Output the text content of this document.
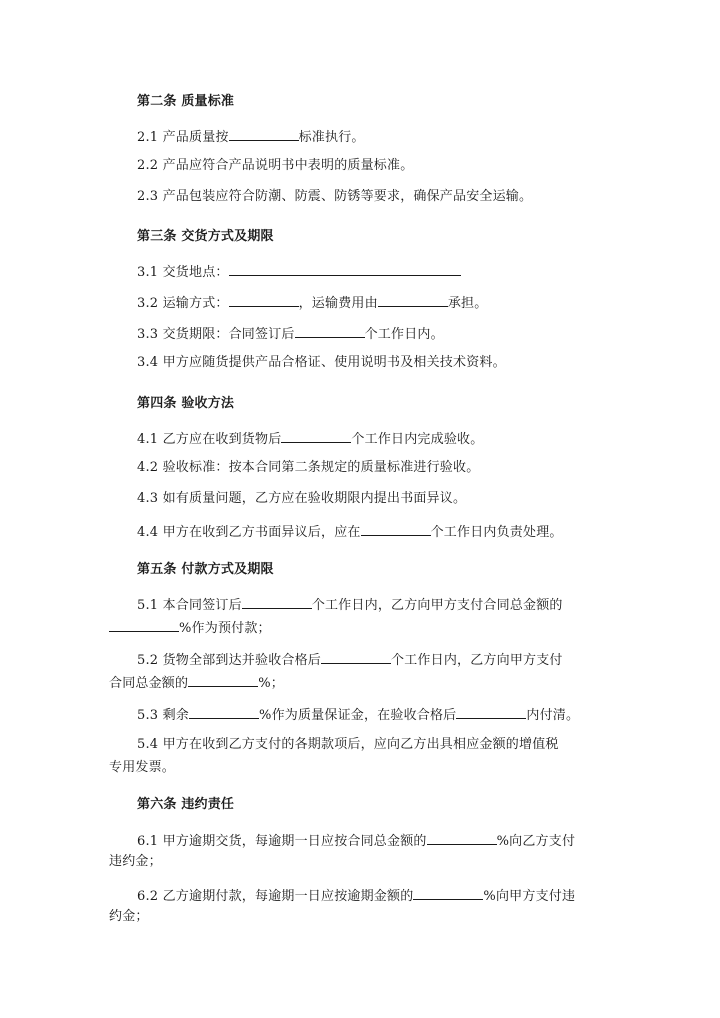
第二条 质量标准
2.1 产品质量按	标准执行。
2.2 产品应符合产品说明书中表明的质量标准。
2.3 产品包装应符合防潮、防震、防锈等要求，确保产品安全运输。
第三条 交货方式及期限
3.1 交货地点：
3.2 运输方式：	，运输费用由	承担。
3.3 交货期限：合同签订后	个工作日内。
3.4 甲方应随货提供产品合格证、使用说明书及相关技术资料。
第四条 验收方法
4.1 乙方应在收到货物后	个工作日内完成验收。
4.2 验收标准：按本合同第二条规定的质量标准进行验收。
4.3 如有质量问题，乙方应在验收期限内提出书面异议。
4.4 甲方在收到乙方书面异议后，应在	个工作日内负责处理。
第五条 付款方式及期限
5.1 本合同签订后	个工作日内，乙方向甲方支付合同总金额的
%作为预付款；
5.2 货物全部到达并验收合格后	个工作日内，乙方向甲方支付
合同总金额的	%；
5.3 剩余	%作为质量保证金，在验收合格后	内付清。
5.4 甲方在收到乙方支付的各期款项后，应向乙方出具相应金额的增值税
专用发票。
第六条 违约责任
6.1 甲方逾期交货，每逾期一日应按合同总金额的	%向乙方支付
违约金；
6.2 乙方逾期付款，每逾期一日应按逾期金额的	%向甲方支付违
约金；
